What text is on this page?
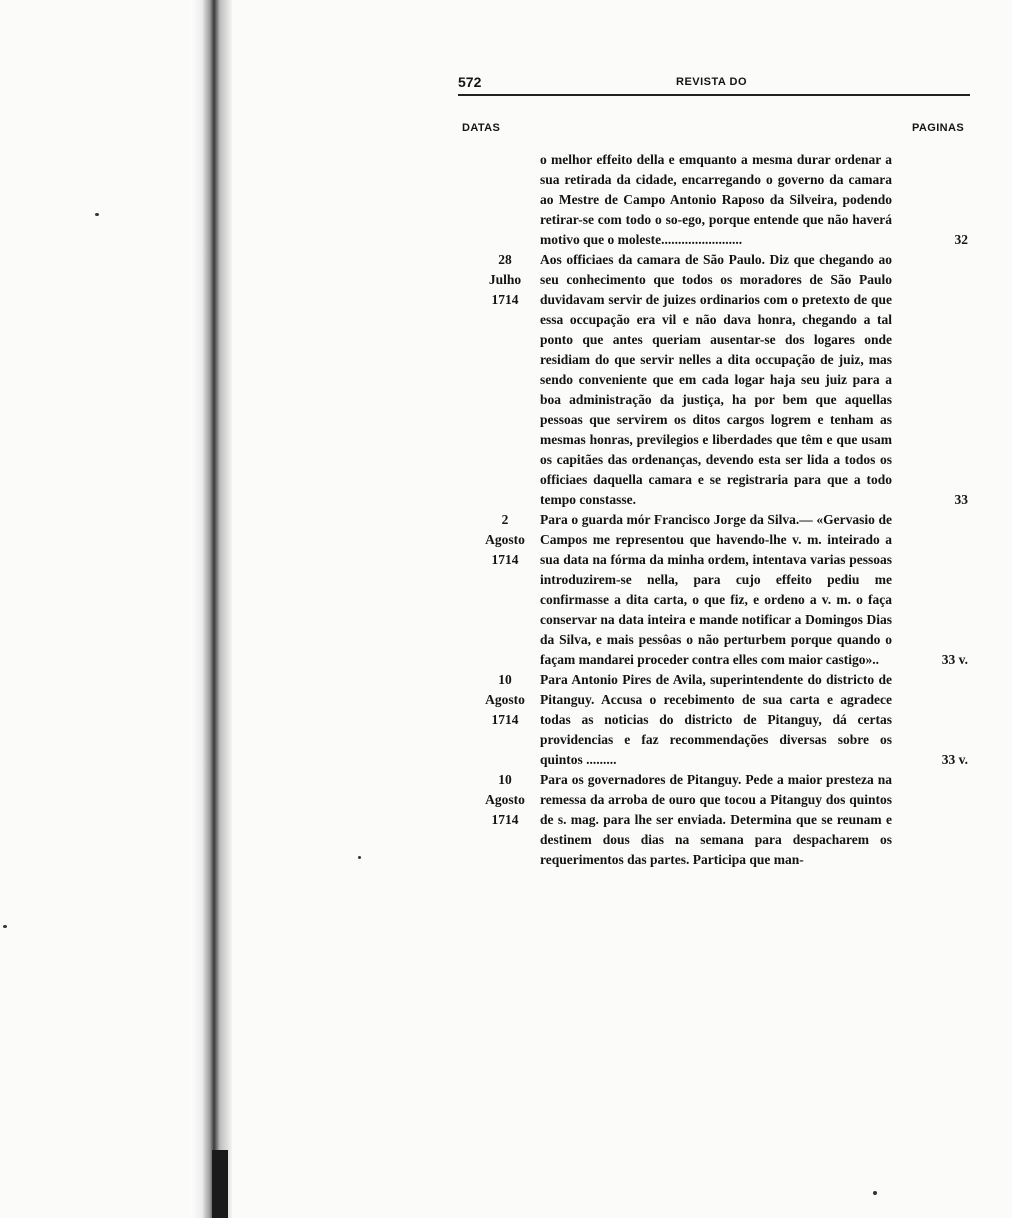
572	REVISTA DO
DATAS	PAGINAS
o melhor effeito della e emquanto a mesma durar ordenar a sua retirada da cidade, encarregando o governo da camara ao Mestre de Campo Antonio Raposo da Silveira, podendo retirar-se com todo o so-ego, porque entende que não haverá motivo que o moleste........................	32
28
Julho
1714
Aos officiaes da camara de São Paulo. Diz que chegando ao seu conhecimento que todos os moradores de São Paulo duvidavam servir de juizes ordinarios com o pretexto de que essa occupação era vil e não dava honra, chegando a tal ponto que antes queriam ausentar-se dos logares onde residiam do que servir nelles a dita occupação de juiz, mas sendo conveniente que em cada logar haja seu juiz para a boa administração da justiça, ha por bem que aquellas pessoas que servirem os ditos cargos logrem e tenham as mesmas honras, previlegios e liberdades que têm e que usam os capitães das ordenanças, devendo esta ser lida a todos os officiaes daquella camara e se registraria para que a todo tempo constasse.	33
2
Agosto
1714
Para o guarda mór Francisco Jorge da Silva.— «Gervasio de Campos me representou que havendo-lhe v. m. inteirado a sua data na fórma da minha ordem, intentava varias pessoas introduzirem-se nella, para cujo effeito pediu me confirmasse a dita carta, o que fiz, e ordeno a v. m. o faça conservar na data inteira e mande notificar a Domingos Dias da Silva, e mais pessôas o não perturbem porque quando o façam mandarei proceder contra elles com maior castigo»..	33 v.
10
Agosto
1714
Para Antonio Pires de Avila, superintendente do districto de Pitanguy. Accusa o recebimento de sua carta e agradece todas as noticias do districto de Pitanguy, dá certas providencias e faz recommendações diversas sobre os quintos .........	33 v.
10
Agosto
1714
Para os governadores de Pitanguy. Pede a maior presteza na remessa da arroba de ouro que tocou a Pitanguy dos quintos de s. mag. para lhe ser enviada. Determina que se reunam e destinem dous dias na semana para despacharem os requerimentos das partes. Participa que man-
